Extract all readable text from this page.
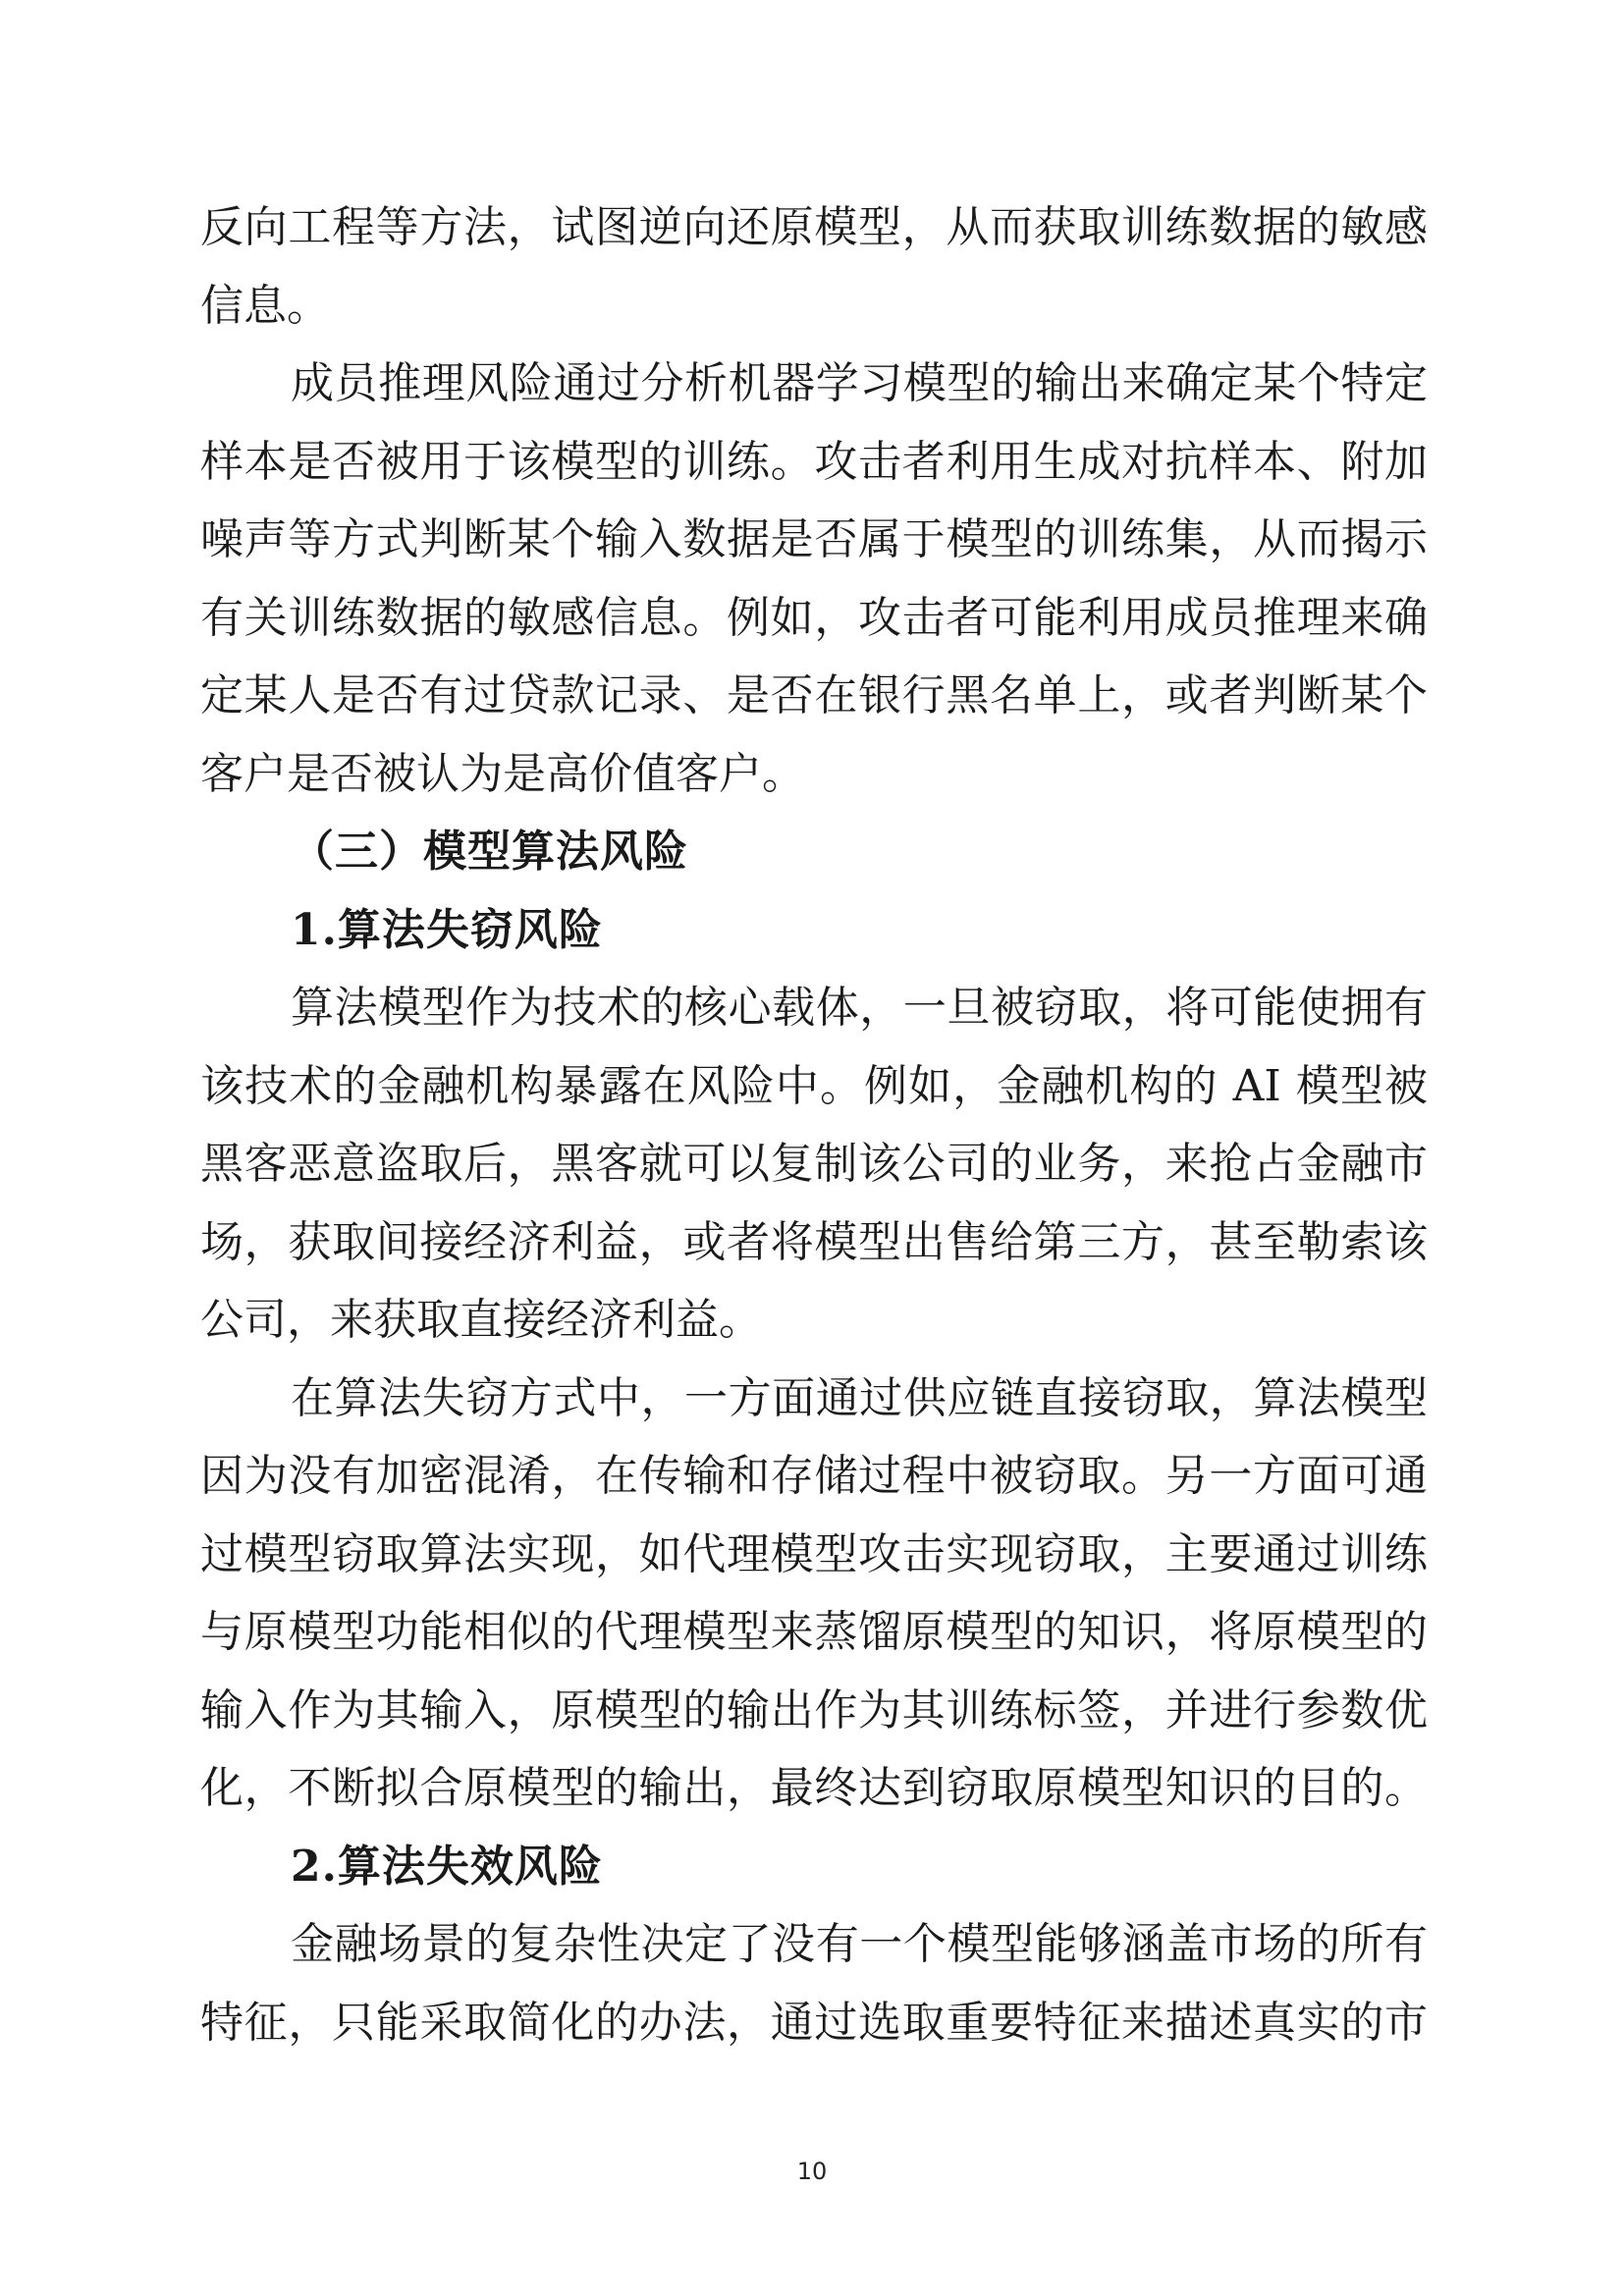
反向工程等方法，试图逆向还原模型，从而获取训练数据的敏感
信息。
成员推理风险通过分析机器学习模型的输出来确定某个特定
样本是否被用于该模型的训练。攻击者利用生成对抗样本、附加
噪声等方式判断某个输入数据是否属于模型的训练集，从而揭示
有关训练数据的敏感信息。例如，攻击者可能利用成员推理来确
定某人是否有过贷款记录、是否在银行黑名单上，或者判断某个
客户是否被认为是高价值客户。
（三）模型算法风险
1.算法失窃风险
算法模型作为技术的核心载体，一旦被窃取，将可能使拥有
该技术的金融机构暴露在风险中。例如，金融机构的 AI 模型被
黑客恶意盗取后，黑客就可以复制该公司的业务，来抢占金融市
场，获取间接经济利益，或者将模型出售给第三方，甚至勒索该
公司，来获取直接经济利益。
在算法失窃方式中，一方面通过供应链直接窃取，算法模型
因为没有加密混淆，在传输和存储过程中被窃取。另一方面可通
过模型窃取算法实现，如代理模型攻击实现窃取，主要通过训练
与原模型功能相似的代理模型来蒸馏原模型的知识，将原模型的
输入作为其输入，原模型的输出作为其训练标签，并进行参数优
化，不断拟合原模型的输出，最终达到窃取原模型知识的目的。
2.算法失效风险
金融场景的复杂性决定了没有一个模型能够涵盖市场的所有
特征，只能采取简化的办法，通过选取重要特征来描述真实的市
10
